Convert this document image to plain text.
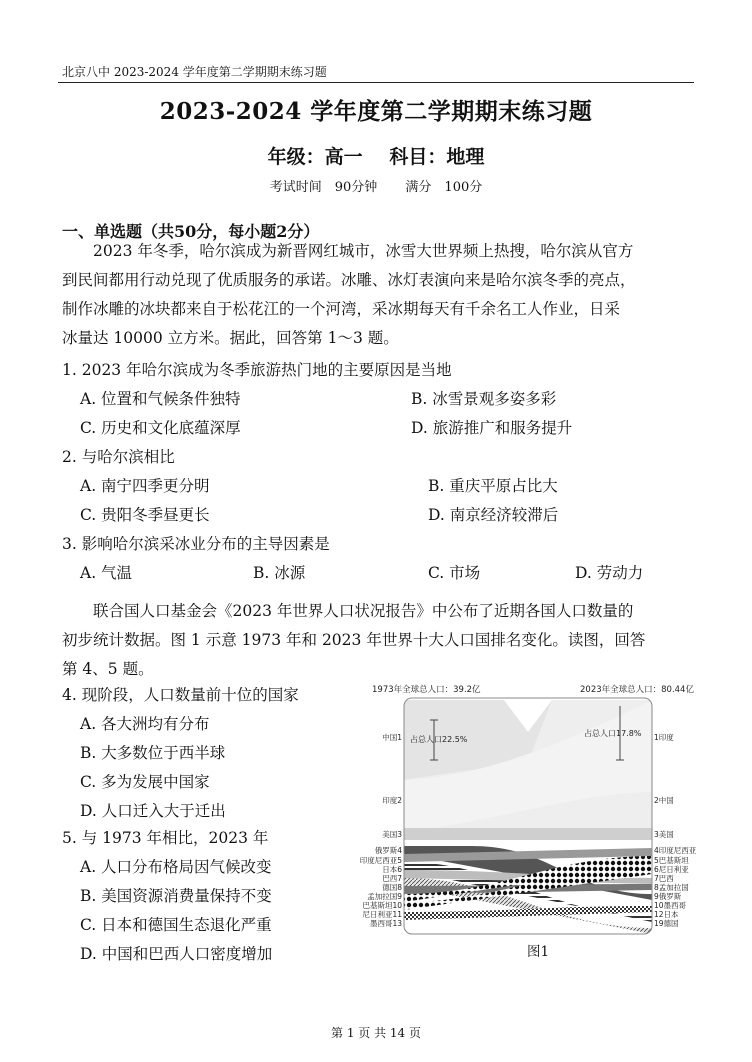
北京八中 2023-2024 学年度第二学期期末练习题
2023-2024 学年度第二学期期末练习题
年级：高一 科目：地理
考试时间　90分钟 满分　100分
一、单选题（共50分，每小题2分）
2023 年冬季，哈尔滨成为新晋网红城市，冰雪大世界频上热搜，哈尔滨从官方
到民间都用行动兑现了优质服务的承诺。冰雕、冰灯表演向来是哈尔滨冬季的亮点，
制作冰雕的冰块都来自于松花江的一个河湾，采冰期每天有千余名工人作业，日采
冰量达 10000 立方米。据此，回答第 1～3 题。
1. 2023 年哈尔滨成为冬季旅游热门地的主要原因是当地
A. 位置和气候条件独特	B. 冰雪景观多姿多彩
C. 历史和文化底蕴深厚	D. 旅游推广和服务提升
2. 与哈尔滨相比
A. 南宁四季更分明	B. 重庆平原占比大
C. 贵阳冬季昼更长	D. 南京经济较滞后
3. 影响哈尔滨采冰业分布的主导因素是
A. 气温	B. 冰源	C. 市场	D. 劳动力
联合国人口基金会《2023 年世界人口状况报告》中公布了近期各国人口数量的
初步统计数据。图 1 示意 1973 年和 2023 年世界十大人口国排名变化。读图，回答
第 4、5 题。
4. 现阶段，人口数量前十位的国家
A. 各大洲均有分布
B. 大多数位于西半球
C. 多为发展中国家
D. 人口迁入大于迁出
5. 与 1973 年相比，2023 年
A. 人口分布格局因气候改变
B. 美国资源消费量保持不变
C. 日本和德国生态退化严重
D. 中国和巴西人口密度增加
1973年全球总人口：39.2亿	2023年全球总人口：80.44亿
占总人口22.5%
占总人口17.8%
中国1
印度2
美国3
俄罗斯4
印度尼西亚5
日本6
巴西7
德国8
孟加拉国9
巴基斯坦10
尼日利亚11
墨西哥13
1印度
2中国
3美国
4印度尼西亚
5巴基斯坦
6尼日利亚
7巴西
8孟加拉国
9俄罗斯
10墨西哥
12日本
19德国
图1
第 1 页 共 14 页
